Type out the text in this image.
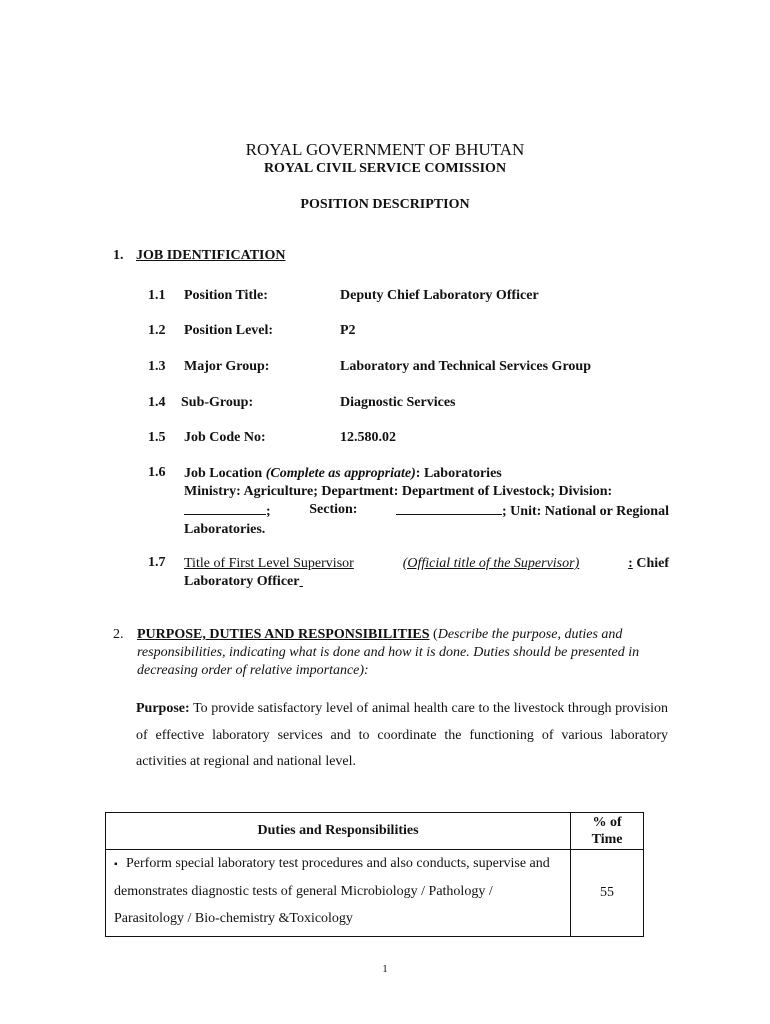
ROYAL GOVERNMENT OF BHUTAN
ROYAL CIVIL SERVICE COMISSION
POSITION DESCRIPTION
1. JOB IDENTIFICATION
1.1 Position Title:	Deputy Chief Laboratory Officer
1.2 Position Level:	P2
1.3 Major Group:	Laboratory and Technical Services Group
1.4 Sub-Group:	Diagnostic Services
1.5 Job Code No:	12.580.02
1.6 Job Location (Complete as appropriate): Laboratories
Ministry: Agriculture; Department: Department of Livestock; Division:
;	Section:	; Unit: National or Regional
Laboratories.
1.7 Title of First Level Supervisor	(Official title of the Supervisor)	: Chief
Laboratory Officer
2. PURPOSE, DUTIES AND RESPONSIBILITIES (Describe the purpose, duties and responsibilities, indicating what is done and how it is done. Duties should be presented in decreasing order of relative importance):
Purpose: To provide satisfactory level of animal health care to the livestock through provision of effective laboratory services and to coordinate the functioning of various laboratory activities at regional and national level.
Duties and Responsibilities	% of
Time

▪ Perform special laboratory test procedures and also conducts, supervise and demonstrates diagnostic tests of general Microbiology / Pathology / Parasitology / Bio-chemistry &Toxicology	55
1
